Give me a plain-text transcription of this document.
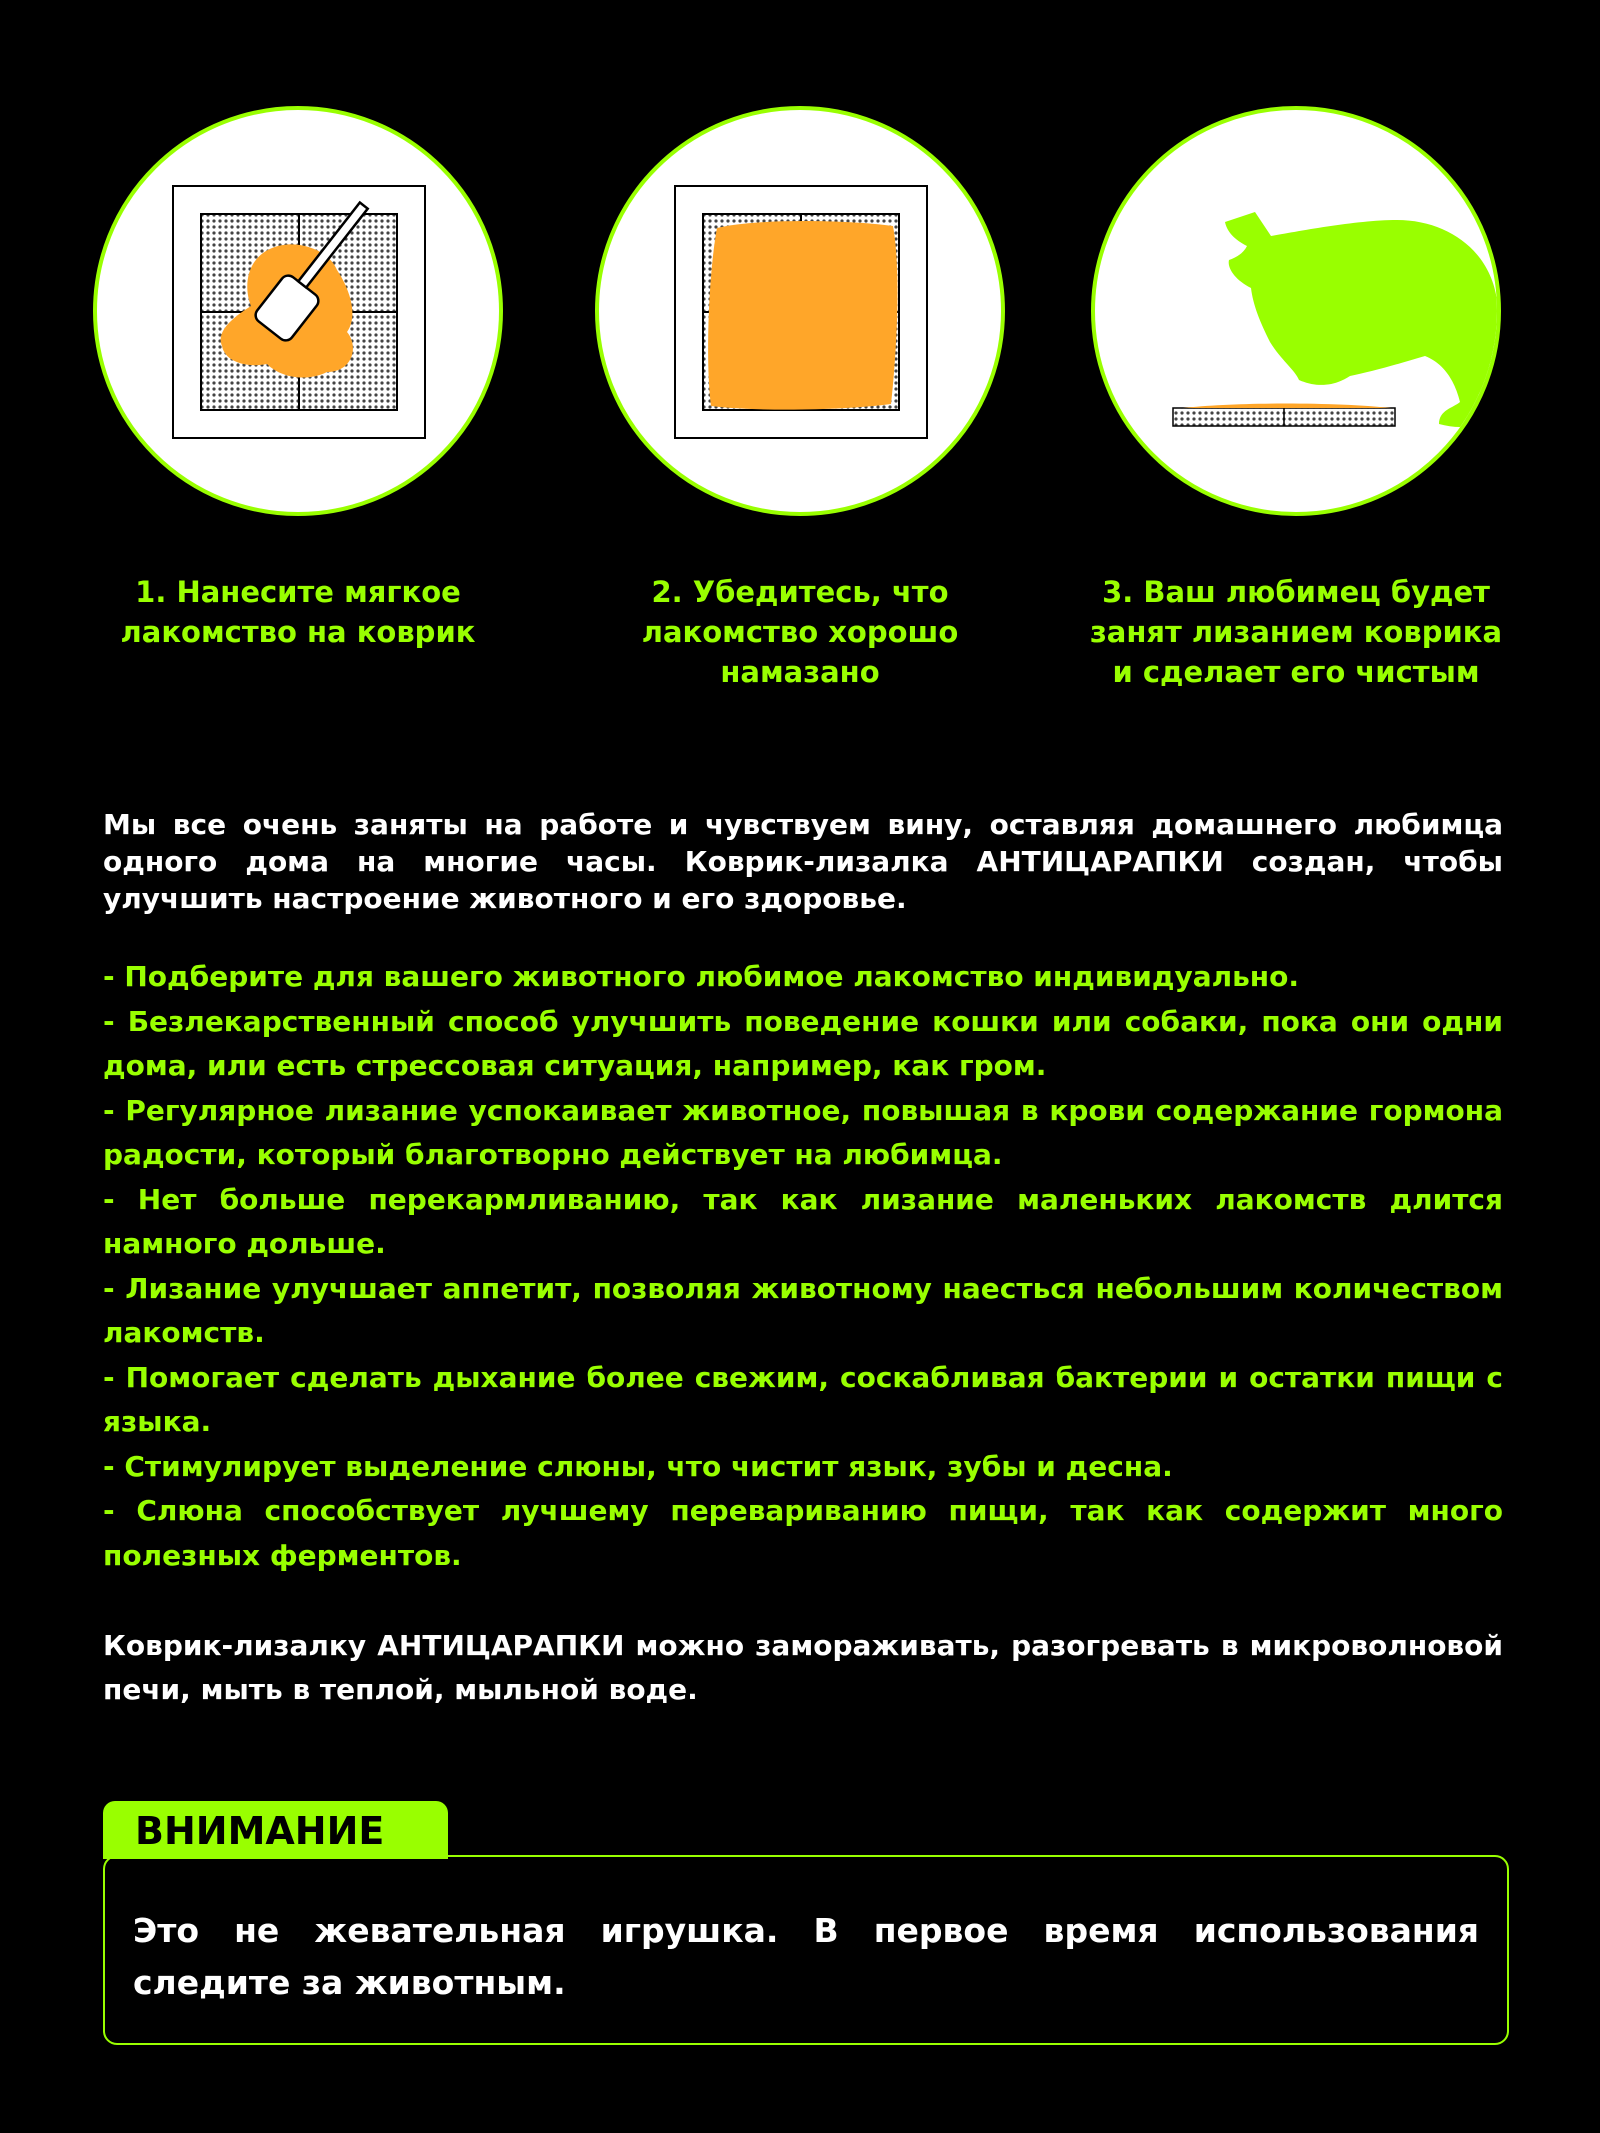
1. Нанесите мягкое лакомство на коврик
2. Убедитесь, что лакомство хорошо намазано
3. Ваш любимец будет занят лизанием коврика и сделает его чистым
Мы все очень заняты на работе и чувствуем вину, оставляя домашнего любимца одного дома на многие часы. Коврик-лизалка АНТИЦАРАПКИ создан, чтобы улучшить настроение животного и его здоровье.
- Подберите для вашего животного любимое лакомство индивидуально.
- Безлекарственный способ улучшить поведение кошки или собаки, пока они одни дома, или есть стрессовая ситуация, например, как гром.
- Регулярное лизание успокаивает животное, повышая в крови содержание гормона радости, который благотворно действует на любимца.
- Нет больше перекармливанию, так как лизание маленьких лакомств длится намного дольше.
- Лизание улучшает аппетит, позволяя животному наесться небольшим количеством лакомств.
- Помогает сделать дыхание более свежим, соскабливая бактерии и остатки пищи с языка.
- Стимулирует выделение слюны, что чистит язык, зубы и десна.
- Слюна способствует лучшему перевариванию пищи, так как содержит много полезных ферментов.
Коврик-лизалку АНТИЦАРАПКИ можно замораживать, разогревать в микроволновой печи, мыть в теплой, мыльной воде.
ВНИМАНИЕ
Это не жевательная игрушка. В первое время использования следите за животным.
